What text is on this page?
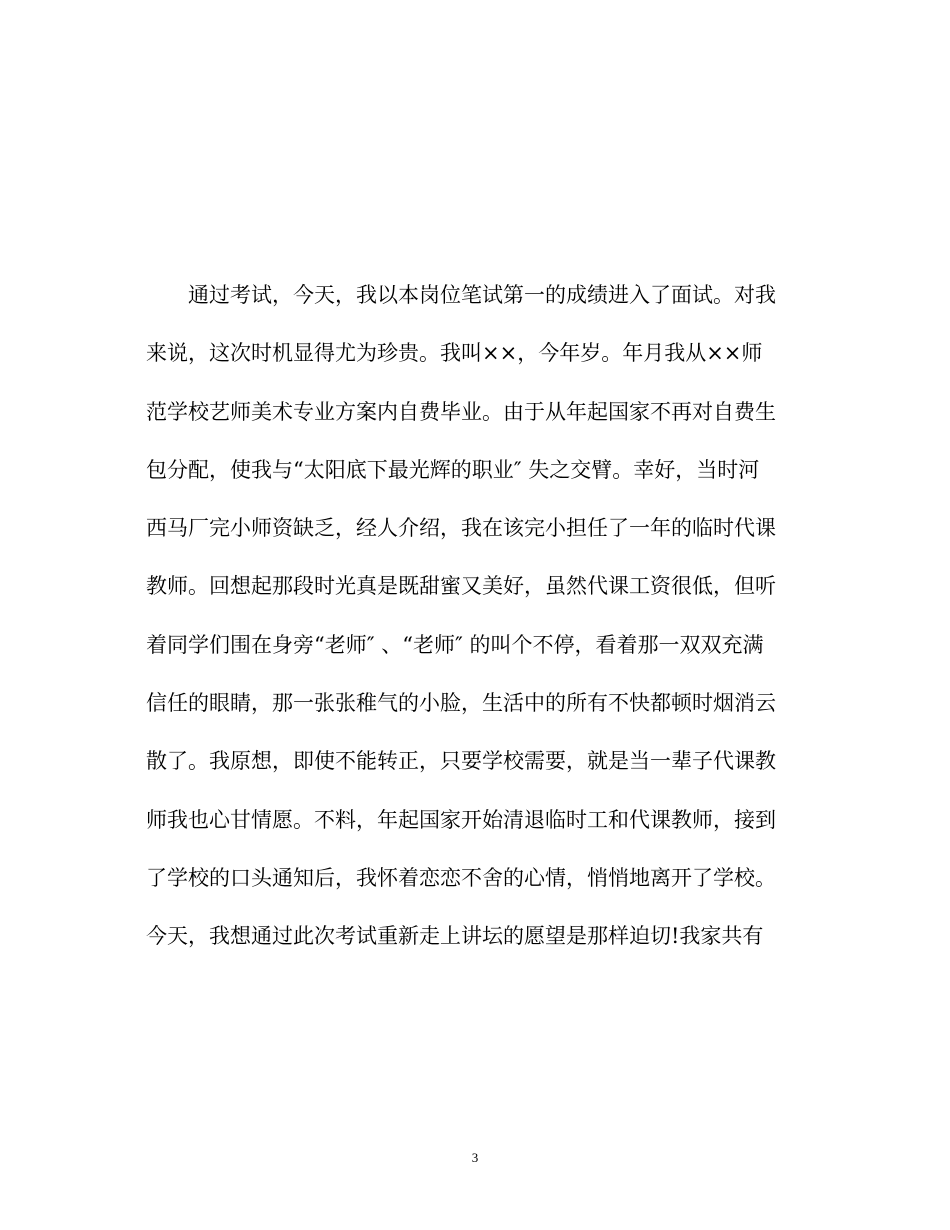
通过考试，今天，我以本岗位笔试第一的成绩进入了面试。对我
来说，这次时机显得尤为珍贵。我叫××，今年岁。年月我从××师
范学校艺师美术专业方案内自费毕业。由于从年起国家不再对自费生
包分配，使我与“太阳底下最光辉的职业″ 失之交臂。幸好，当时河
西马厂完小师资缺乏，经人介绍，我在该完小担任了一年的临时代课
教师。回想起那段时光真是既甜蜜又美好，虽然代课工资很低，但听
着同学们围在身旁“老师″ 、“老师″ 的叫个不停，看着那一双双充满
信任的眼睛，那一张张稚气的小脸，生活中的所有不快都顿时烟消云
散了。我原想，即使不能转正，只要学校需要，就是当一辈子代课教
师我也心甘情愿。不料，年起国家开始清退临时工和代课教师，接到
了学校的口头通知后，我怀着恋恋不舍的心情，悄悄地离开了学校。
今天，我想通过此次考试重新走上讲坛的愿望是那样迫切!我家共有
3
